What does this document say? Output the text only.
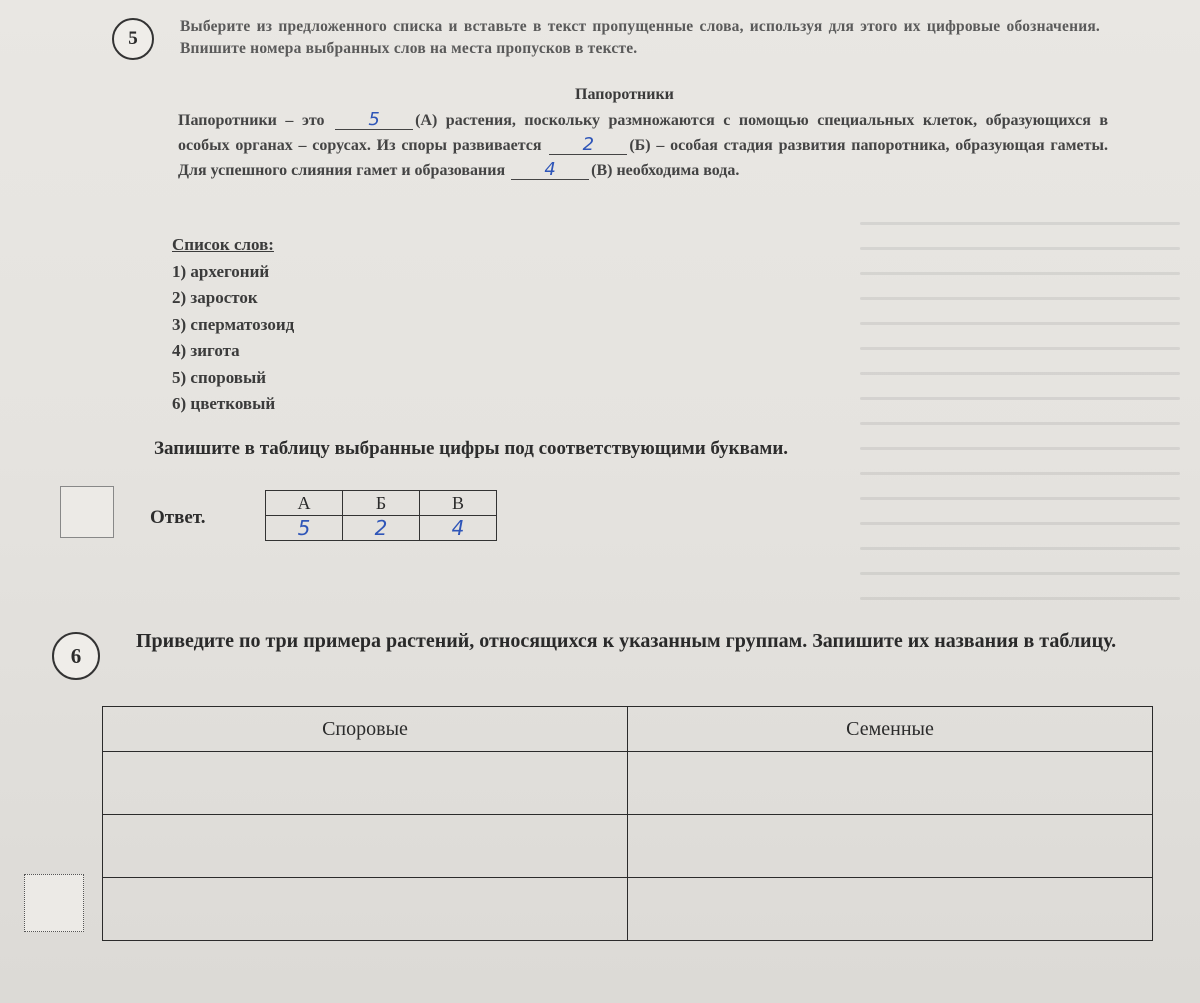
5
Выберите из предложенного списка и вставьте в текст пропущенные слова, используя для этого их цифровые обозначения. Впишите номера выбранных слов на места пропусков в тексте.
Папоротники
Папоротники – это 5 (А) растения, поскольку размножаются с помощью специальных клеток, образующихся в особых органах – сорусах. Из споры развивается 2 (Б) – особая стадия развития папоротника, образующая гаметы. Для успешного слияния гамет и образования 4 (В) необходима вода.
Список слов:
1) архегоний
2) заросток
3) сперматозоид
4) зигота
5) споровый
6) цветковый
Запишите в таблицу выбранные цифры под соответствующими буквами.
Ответ.
А	Б	В
5	2	4
6
Приведите по три примера растений, относящихся к указанным группам. Запишите их названия в таблицу.
Споровые	Семенные
